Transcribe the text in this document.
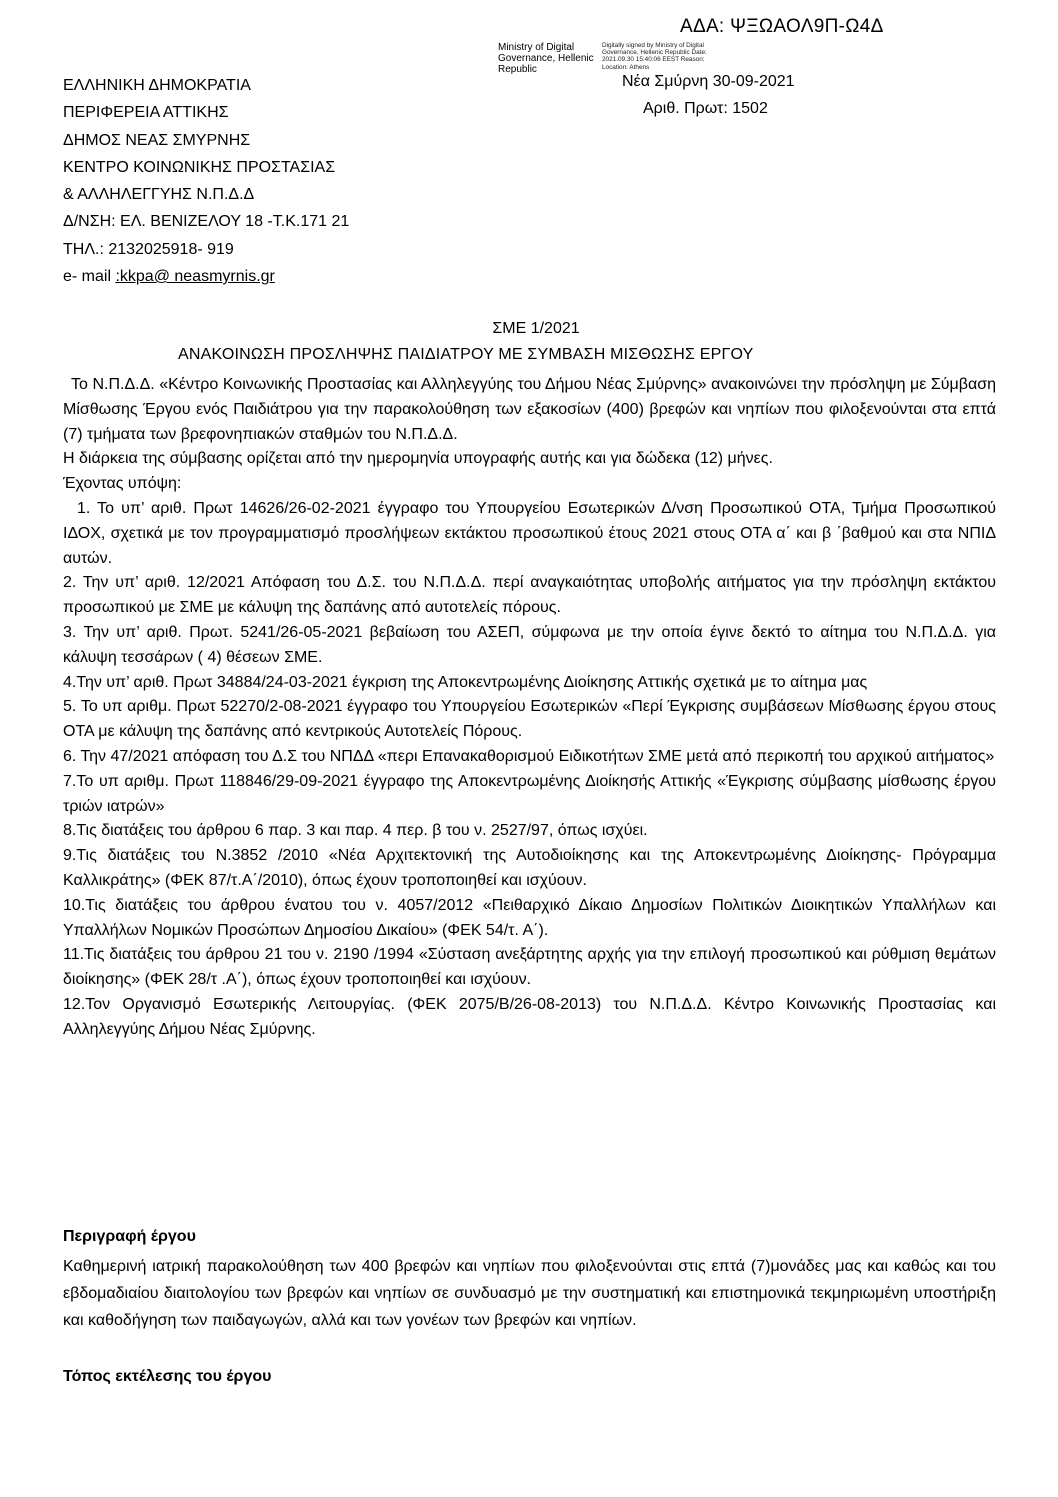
ΑΔΑ: ΨΞΩΑΟΛ9Π-Ω4Δ
Ministry of Digital Governance, Hellenic Republic
Digitally signed by Ministry of Digital Governance, Hellenic Republic Date: 2021.09.30 15:40:06 EEST Reason: Location: Athens
Νέα Σμύρνη 30-09-2021
Αριθ. Πρωτ: 1502
ΕΛΛΗΝΙΚΗ ΔΗΜΟΚΡΑΤΙΑ
ΠΕΡΙΦΕΡΕΙΑ ΑΤΤΙΚΗΣ
ΔΗΜΟΣ ΝΕΑΣ ΣΜΥΡΝΗΣ
ΚΕΝΤΡΟ ΚΟΙΝΩΝΙΚΗΣ ΠΡΟΣΤΑΣΙΑΣ
& ΑΛΛΗΛΕΓΓΥΗΣ Ν.Π.Δ.Δ
Δ/ΝΣΗ: ΕΛ. ΒΕΝΙΖΕΛΟΥ 18 -Τ.Κ.171 21
ΤΗΛ.: 2132025918- 919
e- mail :kkpa@ neasmyrnis.gr
ΣΜΕ 1/2021
ΑΝΑΚΟΙΝΩΣΗ ΠΡΟΣΛΗΨΗΣ ΠΑΙΔΙΑΤΡΟΥ ΜΕ ΣΥΜΒΑΣΗ ΜΙΣΘΩΣΗΣ ΕΡΓΟΥ

Το Ν.Π.Δ.Δ. «Κέντρο Κοινωνικής Προστασίας και Αλληλεγγύης του Δήμου Νέας Σμύρνης» ανακοινώνει την πρόσληψη με Σύμβαση Μίσθωσης Έργου ενός Παιδιάτρου για την παρακολούθηση των εξακοσίων (400) βρεφών και νηπίων που φιλοξενούνται στα επτά (7) τμήματα των βρεφονηπιακών σταθμών του Ν.Π.Δ.Δ.

Η διάρκεια της σύμβασης ορίζεται από την ημερομηνία υπογραφής αυτής και για δώδεκα (12) μήνες.

Έχοντας υπόψη:

1. Το υπ’ αριθ. Πρωτ 14626/26-02-2021 έγγραφο του Υπουργείου Εσωτερικών Δ/νση Προσωπικού ΟΤΑ, Τμήμα Προσωπικού ΙΔΟΧ, σχετικά με τον προγραμματισμό προσλήψεων εκτάκτου προσωπικού έτους 2021 στους ΟΤΑ α΄ και β ΄βαθμού και στα ΝΠΙΔ αυτών.

2. Την υπ’ αριθ. 12/2021 Απόφαση του Δ.Σ. του Ν.Π.Δ.Δ. περί αναγκαιότητας υποβολής αιτήματος για την πρόσληψη εκτάκτου προσωπικού με ΣΜΕ με κάλυψη της δαπάνης από αυτοτελείς πόρους.

3. Την υπ’ αριθ. Πρωτ. 5241/26-05-2021 βεβαίωση του ΑΣΕΠ, σύμφωνα με την οποία έγινε δεκτό το αίτημα του Ν.Π.Δ.Δ. για κάλυψη τεσσάρων ( 4) θέσεων ΣΜΕ.

4.Την υπ’ αριθ. Πρωτ 34884/24-03-2021 έγκριση της Αποκεντρωμένης Διοίκησης Αττικής σχετικά με το αίτημα μας

5. Το υπ αριθμ. Πρωτ 52270/2-08-2021 έγγραφο του Υπουργείου Εσωτερικών «Περί Έγκρισης συμβάσεων Μίσθωσης έργου στους ΟΤΑ με κάλυψη της δαπάνης από κεντρικούς Αυτοτελείς Πόρους.

6. Την 47/2021 απόφαση του Δ.Σ του ΝΠΔΔ «περι Επανακαθορισμού Ειδικοτήτων ΣΜΕ μετά από περικοπή του αρχικού αιτήματος»

7.Το υπ αριθμ. Πρωτ 118846/29-09-2021 έγγραφο της Αποκεντρωμένης Διοίκησής Αττικής «Έγκρισης σύμβασης μίσθωσης έργου τριών ιατρών»

8.Τις διατάξεις του άρθρου 6 παρ. 3 και παρ. 4 περ. β του ν. 2527/97, όπως ισχύει.

9.Τις διατάξεις του Ν.3852 /2010 «Νέα Αρχιτεκτονική της Αυτοδιοίκησης και της Αποκεντρωμένης Διοίκησης- Πρόγραμμα Καλλικράτης» (ΦΕΚ 87/τ.Α΄/2010), όπως έχουν τροποποιηθεί και ισχύουν.

10.Τις διατάξεις του άρθρου ένατου του ν. 4057/2012 «Πειθαρχικό Δίκαιο Δημοσίων Πολιτικών Διοικητικών Υπαλλήλων και Υπαλλήλων Νομικών Προσώπων Δημοσίου Δικαίου» (ΦΕΚ 54/τ. Α΄).

11.Τις διατάξεις του άρθρου 21 του ν. 2190 /1994 «Σύσταση ανεξάρτητης αρχής για την επιλογή προσωπικού και ρύθμιση θεμάτων διοίκησης» (ΦΕΚ 28/τ .Α΄), όπως έχουν τροποποιηθεί και ισχύουν.

12.Τον Οργανισμό Εσωτερικής Λειτουργίας. (ΦΕΚ 2075/Β/26-08-2013) του Ν.Π.Δ.Δ. Κέντρο Κοινωνικής Προστασίας και Αλληλεγγύης Δήμου Νέας Σμύρνης.

Περιγραφή έργου
Καθημερινή ιατρική παρακολούθηση των 400 βρεφών και νηπίων που φιλοξενούνται στις επτά (7)μονάδες μας και καθώς και του εβδομαδιαίου διαιτολογίου των βρεφών και νηπίων σε συνδυασμό με την συστηματική και επιστημονικά τεκμηριωμένη υποστήριξη και καθοδήγηση των παιδαγωγών, αλλά και των γονέων των βρεφών και νηπίων.
Τόπος εκτέλεσης του έργου
